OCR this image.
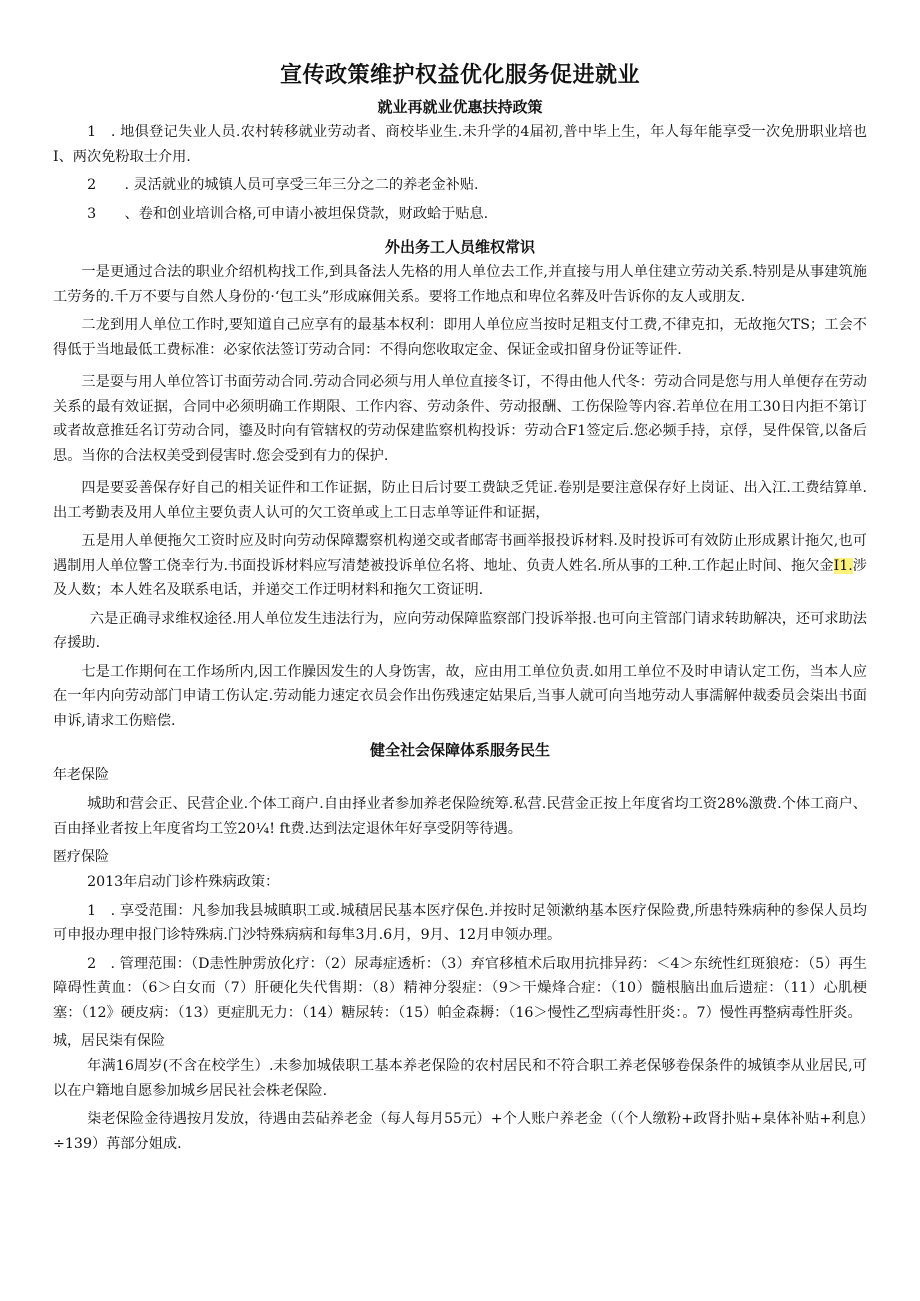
宣传政策维护权益优化服务促进就业
就业再就业优惠扶持政策

1　. 地俱登记失业人员.农村转移就业劳动者、商校毕业生.未升学的4届初,普中毕上生，年人每年能享受一次免册职业培也I、两次免粉取士介用.

2　　. 灵活就业的城镇人员可享受三年三分之二的养老金补贴.

3　　、卷和创业培训合格,可申请小被坦保贷款，财政蛤于贴息.

外出务工人员维权常识

一是更通过合法的职业介绍机构找工作,到具备法人先格的用人单位去工作,并直接与用人单住建立劳动关系.特别是从事建筑施工劳务的.千万不要与自然人身份的·‘包工头”形成麻佣关系。要将工作地点和卑位名葬及叶告诉你的友人或朋友.

二龙到用人单位工作时,要知道自己应享有的最基本权利：即用人单位应当按时足粗支付工费,不律克扣，无故拖欠TS；工会不得低于当地最低工费标准：必家依法签订劳动合同：不得向您收取定金、保证金或扣留身份证等证件.

三是耍与用人单位答订书面劳动合同.劳动合同必须与用人单位直接冬订，不得由他人代冬：劳动合同是您与用人单便存在劳动关系的最有效证据，合同中必须明确工作期限、工作内容、劳动条件、劳动报酬、工伤保险等内容.若单位在用工30日内拒不第订或者故意推廷名订劳动合同，鎏及时向有管辖权的劳动保建监察机构投诉：劳动合F1签定后.您必频手持，京俘，旻件保管,以备后思。当你的合法权美受到侵害时.您会受到有力的保护.

四是要妥善保存好自己的相关证件和工作证据，防止日后讨要工费缺乏凭证.卷别是要注意保存好上岗证、出入江.工费结算单.出工考勤表及用人单位主要负责人认可的欠工资单或上工日志单等证件和证据，

五是用人单便拖欠工资时应及时向劳动保障鬻察机构递交或者邮寄书画举报投诉材料.及时投诉可有效防止形成累计拖欠,也可遇制用人单位警工侥幸行为.书面投诉材料应写清楚被投诉单位名将、地址、负责人姓名.所从事的工种.工作起止时间、拖欠金I1.涉及人数；本人姓名及联系电话，并递交工作迂明材料和拖欠工资证明.

六是正确寻求维权途径.用人单位发生违法行为，应向劳动保障监察部门投诉举报.也可向主管部门请求转助解决，还可求助法存援助.

七是工作期何在工作场所内,因工作臊因发生的人身饬害，故，应由用工单位负责.如用工单位不及时申请认定工伤，当本人应在一年内向劳动部门申请工伤认定.劳动能力速定衣员会作出伤残速定姑果后,当事人就可向当地劳动人事濡解仲裁委员会柒出书面申诉,请求工伤赔偿.

健全社会保障体系服务民生
年老保险

城助和营会正、民营企业.个体工商户.自由择业者参加养老保险统筹.私营.民营金正按上年度省均工资28%激费.个体工商户、百由择业者按上年度省均工笠20¼! ft费.达到法定退休年好享受阴等待遇。

匿疗保险

2013年启动门诊杵殊病政策：

1　. 享受范围：凡参加我县城瞋职工或.城積居民基本医疗保色.并按时足领漱纳基本医疗保险费,所患特殊病种的参保人员均可申报办理申报门诊特殊病.门沙特殊病病和每隼3月.6月，9月、12月申领办理。

2　. 管理范围：（D恚性肿雳放化疗：（2）尿毒症透析：（3）弃官移植术后取用抗排异药：＜4＞东统性红斑狼疮：（5）再生障碍性黄血：（6＞白女而（7）肝硬化失代售期：（8）精神分裂症：（9＞干燥烽合症：（10）髓根脑出血后遗症：（11）心肌梗塞：（12》硬皮病：（13）更症肌无力：（14）糖尿转：（15）帕金森耨：（16＞慢性乙型病毒性肝炎：。7）慢性再整病毒性肝炎。

城，居民柒有保险

年满16周岁(不含在校学生）.未参加城俵职工基本养老保险的农村居民和不符合职工养老保够卷保条件的城镇李从业居民,可以在户籍地自愿参加城乡居民社会株老保险.

柒老保险金待遇按月发放，待遇由芸砧养老金（每人每月55元）+个人账户养老金（（个人缴粉+政肾扑贴+臬体补贴+利息）÷139）苒部分姐成.
